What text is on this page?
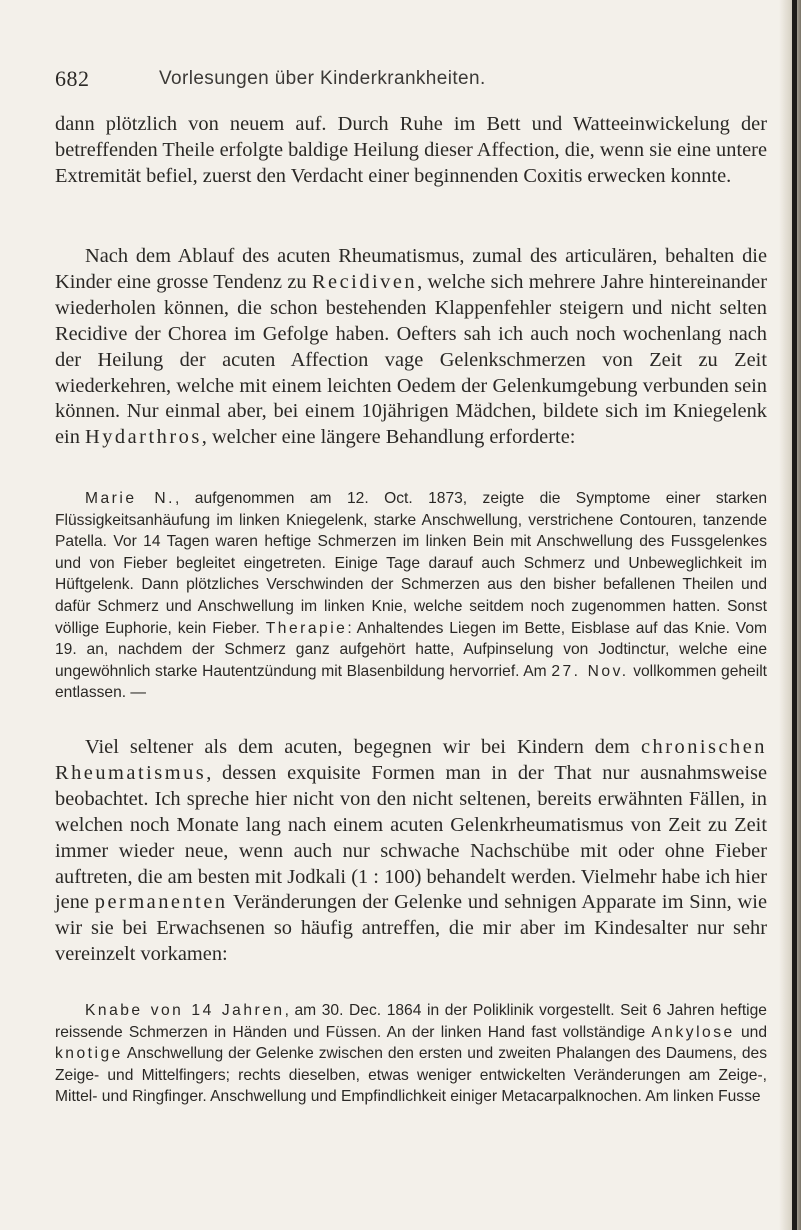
682	Vorlesungen über Kinderkrankheiten.

dann plötzlich von neuem auf. Durch Ruhe im Bett und Watteeinwickelung der betreffenden Theile erfolgte baldige Heilung dieser Affection, die, wenn sie eine untere Extremität befiel, zuerst den Verdacht einer beginnenden Coxitis erwecken konnte.

Nach dem Ablauf des acuten Rheumatismus, zumal des articulären, behalten die Kinder eine grosse Tendenz zu Recidiven, welche sich mehrere Jahre hintereinander wiederholen können, die schon bestehenden Klappenfehler steigern und nicht selten Recidive der Chorea im Gefolge haben. Oefters sah ich auch noch wochenlang nach der Heilung der acuten Affection vage Gelenkschmerzen von Zeit zu Zeit wiederkehren, welche mit einem leichten Oedem der Gelenkumgebung verbunden sein können. Nur einmal aber, bei einem 10jährigen Mädchen, bildete sich im Kniegelenk ein Hydarthros, welcher eine längere Behandlung erforderte:

Marie N., aufgenommen am 12. Oct. 1873, zeigte die Symptome einer starken Flüssigkeitsanhäufung im linken Kniegelenk, starke Anschwellung, verstrichene Contouren, tanzende Patella. Vor 14 Tagen waren heftige Schmerzen im linken Bein mit Anschwellung des Fussgelenkes und von Fieber begleitet eingetreten. Einige Tage darauf auch Schmerz und Unbeweglichkeit im Hüftgelenk. Dann plötzliches Verschwinden der Schmerzen aus den bisher befallenen Theilen und dafür Schmerz und Anschwellung im linken Knie, welche seitdem noch zugenommen hatten. Sonst völlige Euphorie, kein Fieber. Therapie: Anhaltendes Liegen im Bette, Eisblase auf das Knie. Vom 19. an, nachdem der Schmerz ganz aufgehört hatte, Aufpinselung von Jodtinctur, welche eine ungewöhnlich starke Hautentzündung mit Blasenbildung hervorrief. Am 27. Nov. vollkommen geheilt entlassen. —

Viel seltener als dem acuten, begegnen wir bei Kindern dem chronischen Rheumatismus, dessen exquisite Formen man in der That nur ausnahmsweise beobachtet. Ich spreche hier nicht von den nicht seltenen, bereits erwähnten Fällen, in welchen noch Monate lang nach einem acuten Gelenkrheumatismus von Zeit zu Zeit immer wieder neue, wenn auch nur schwache Nachschübe mit oder ohne Fieber auftreten, die am besten mit Jodkali (1 : 100) behandelt werden. Vielmehr habe ich hier jene permanenten Veränderungen der Gelenke und sehnigen Apparate im Sinn, wie wir sie bei Erwachsenen so häufig antreffen, die mir aber im Kindesalter nur sehr vereinzelt vorkamen:

Knabe von 14 Jahren, am 30. Dec. 1864 in der Poliklinik vorgestellt. Seit 6 Jahren heftige reissende Schmerzen in Händen und Füssen. An der linken Hand fast vollständige Ankylose und knotige Anschwellung der Gelenke zwischen den ersten und zweiten Phalangen des Daumens, des Zeige- und Mittelfingers; rechts dieselben, etwas weniger entwickelten Veränderungen am Zeige-, Mittel- und Ringfinger. Anschwellung und Empfindlichkeit einiger Metacarpalknochen. Am linken Fusse
